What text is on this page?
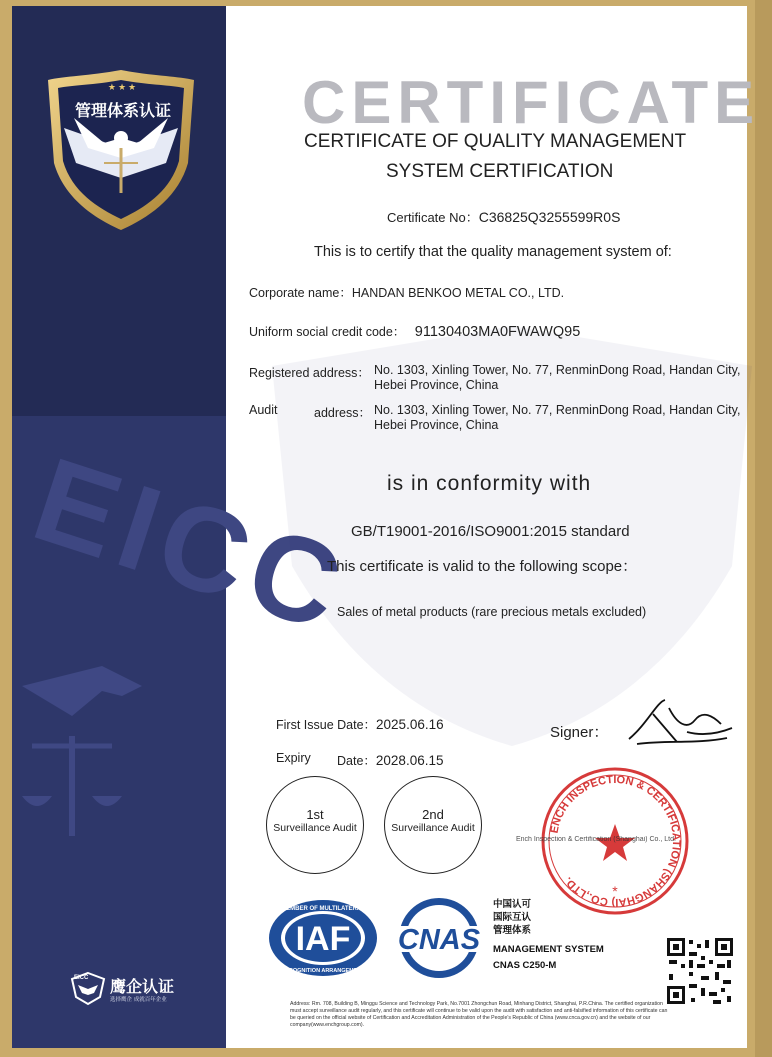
EICC
★★★
管理体系认证
EICC 鹰企认证
选择鹰企 成就百年企业
CERTIFICATE
CERTIFICATE OF QUALITY MANAGEMENT
SYSTEM CERTIFICATION
Certificate No：C36825Q3255599R0S
This is to certify that the quality management system of:
Corporate name：HANDAN BENKOO METAL CO., LTD.
Uniform social credit code： 91130403MA0FWAWQ95
Registered address： No. 1303, Xinling Tower, No. 77, RenminDong Road, Handan City,
Hebei Province, China
Audit	address： No. 1303, Xinling Tower, No. 77, RenminDong Road, Handan City,
Hebei Province, China
is in conformity with
GB/T19001-2016/ISO9001:2015 standard
This certificate is valid to the following scope：
Sales of metal products (rare precious metals excluded)
First Issue Date：2025.06.16
Expiry Date：2028.06.15
Signer：
1st
Surveillance Audit
2nd
Surveillance Audit	ENCH INSPECTION & CERTIFICATION (SHANGHAI) CO.,LTD.
*
Ench Inspection & Certification (Shanghai) Co., Ltd.
IAF
MEMBER OF MULTILATERAL
RECOGNITION ARRANGEMENT
CNAS
中国认可
国际互认
管理体系
MANAGEMENT SYSTEM
CNAS C250-M
Address: Rm. 708, Building B, Minggu Science and Technology Park, No.7001 Zhongchun Road, Minhang District, Shanghai, P.R.China. The certified organization must accept surveillance audit regularly, and this certificate will continue to be valid upon the audit with satisfaction and anti-falsified information of this certificate can be queried on the official website of Certification and Accreditation Administration of the People's Republic of China (www.cnca.gov.cn) and the website of our company(www.enchgroup.com).
